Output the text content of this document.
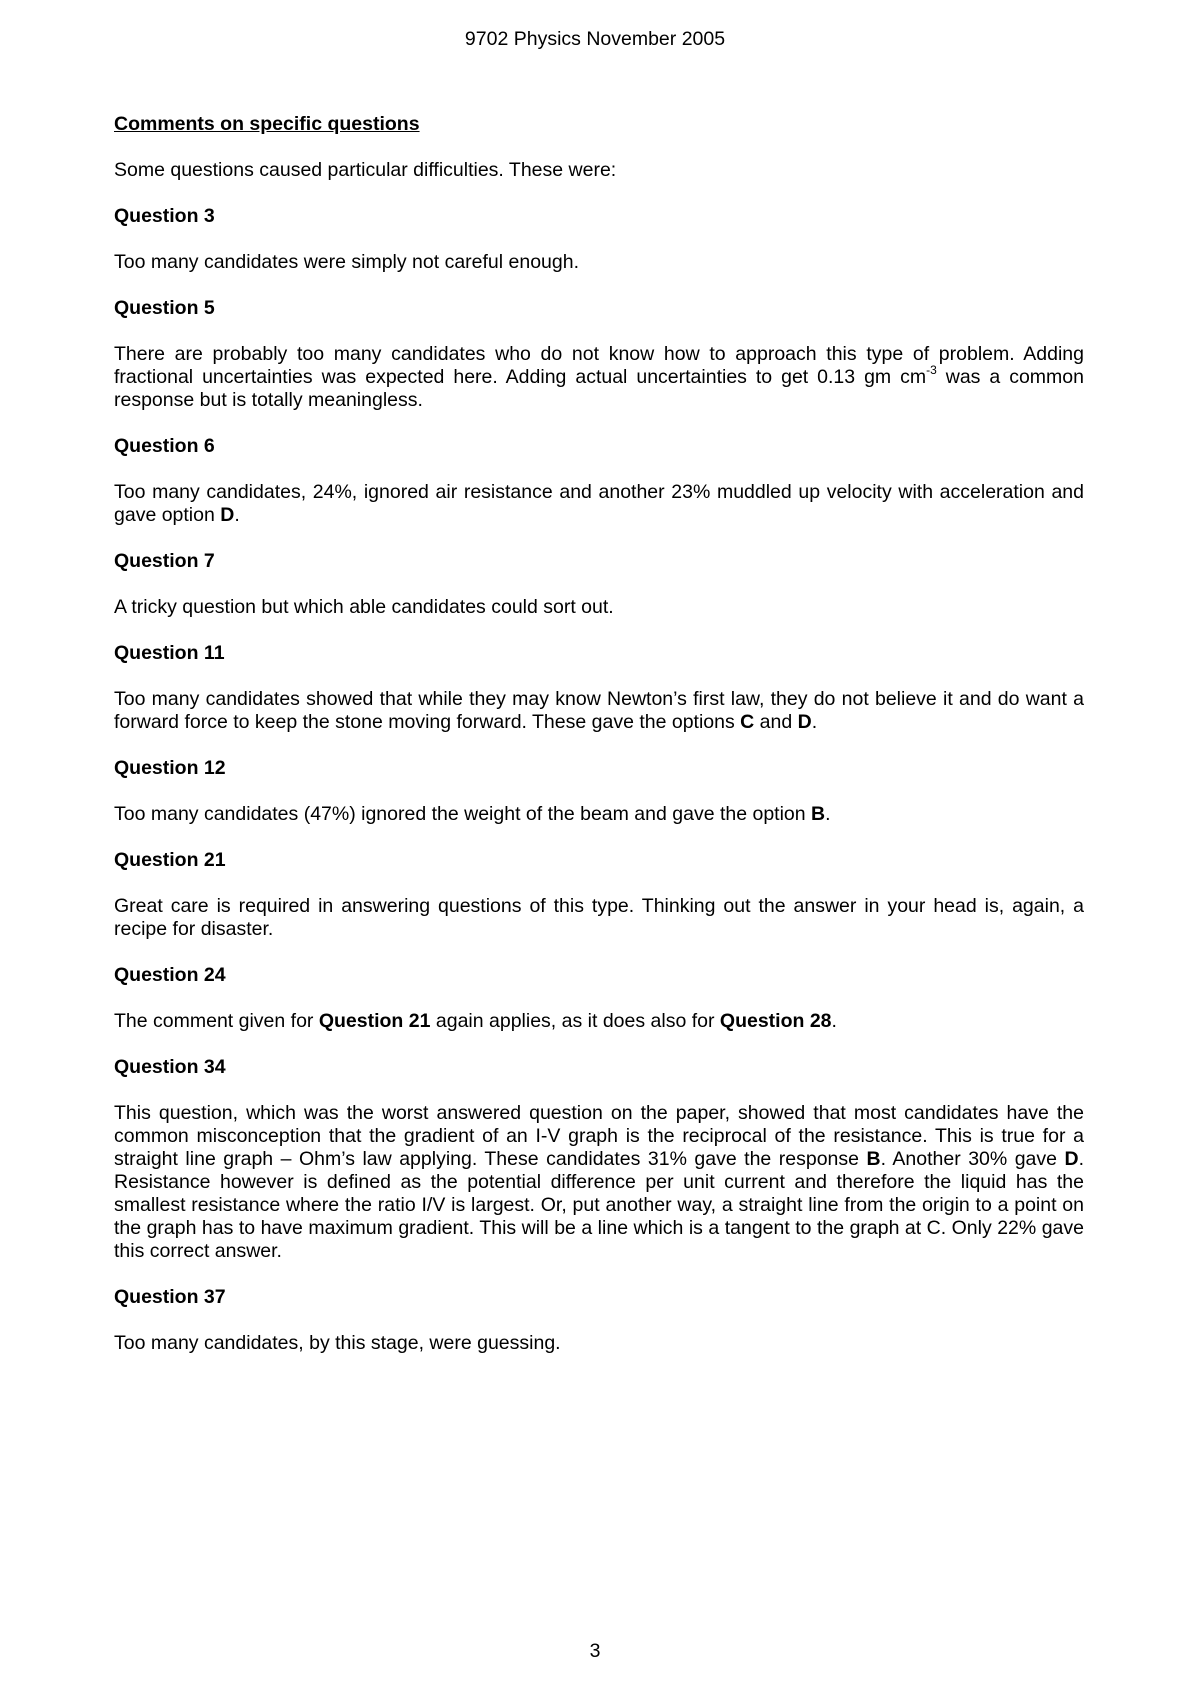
9702 Physics November 2005
Comments on specific questions
Some questions caused particular difficulties. These were:
Question 3
Too many candidates were simply not careful enough.
Question 5
There are probably too many candidates who do not know how to approach this type of problem. Adding fractional uncertainties was expected here. Adding actual uncertainties to get 0.13 gm $cm^{-3}$ was a common response but is totally meaningless.
Question 6
Too many candidates, 24%, ignored air resistance and another 23% muddled up velocity with acceleration and gave option D.
Question 7
A tricky question but which able candidates could sort out.
Question 11
Too many candidates showed that while they may know Newton’s first law, they do not believe it and do want a forward force to keep the stone moving forward. These gave the options C and D.
Question 12
Too many candidates (47%) ignored the weight of the beam and gave the option B.
Question 21
Great care is required in answering questions of this type. Thinking out the answer in your head is, again, a recipe for disaster.
Question 24
The comment given for Question 21 again applies, as it does also for Question 28.
Question 34
This question, which was the worst answered question on the paper, showed that most candidates have the common misconception that the gradient of an I-V graph is the reciprocal of the resistance. This is true for a straight line graph – Ohm’s law applying. These candidates 31% gave the response B. Another 30% gave D. Resistance however is defined as the potential difference per unit current and therefore the liquid has the smallest resistance where the ratio I/V is largest. Or, put another way, a straight line from the origin to a point on the graph has to have maximum gradient. This will be a line which is a tangent to the graph at C. Only 22% gave this correct answer.
Question 37
Too many candidates, by this stage, were guessing.
3
